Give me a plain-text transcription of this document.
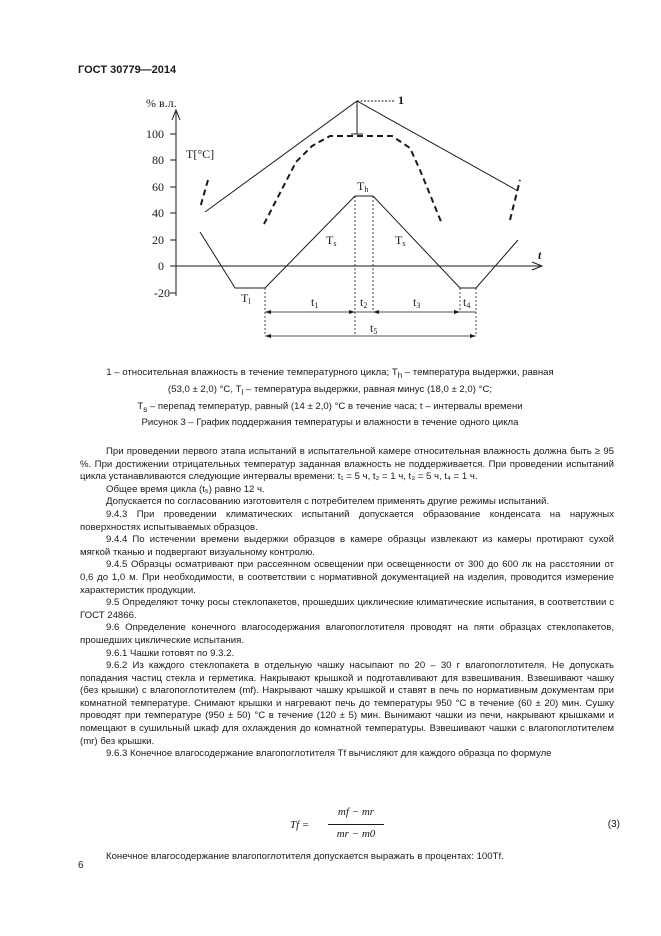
ГОСТ 30779—2014
100
80
60
40
20
0
-20
% в.л.
T[°C]
t
1
Th
Tl
Ts	Ts
t1	t2	t3	t4
t5
1 – относительная влажность в течение температурного цикла; $T_h$ – температура выдержки, равная
(53,0 ± 2,0) °С, $T_l$ – температура выдержки, равная минус (18,0 ± 2,0) °С;
$T_s$ – перепад температур, равный (14 ± 2,0) °С в течение часа; t – интервалы времени
Рисунок 3 – График поддержания температуры и влажности в течение одного цикла

При проведении первого этапа испытаний в испытательной камере относительная влажность должна быть ≥ 95 %. При достижении отрицательных температур заданная влажность не поддерживается. При проведении испытаний цикла устанавливаются следующие интервалы времени: t₁ = 5 ч, t₂ = 1 ч, t₃ = 5 ч, t₄ = 1 ч.

Общее время цикла (t₅) равно 12 ч.

Допускается по согласованию изготовителя с потребителем применять другие режимы испытаний.

9.4.3 При проведении климатических испытаний допускается образование конденсата на наружных поверхностях испытываемых образцов.

9.4.4 По истечении времени выдержки образцов в камере образцы извлекают из камеры протирают сухой мягкой тканью и подвергают визуальному контролю.

9.4.5 Образцы осматривают при рассеянном освещении при освещенности от 300 до 600 лк на расстоянии от 0,6 до 1,0 м. При необходимости, в соответствии с нормативной документацией на изделия, проводится измерение характеристик продукции.

9.5 Определяют точку росы стеклопакетов, прошедших циклические климатические испытания, в соответствии с ГОСТ 24866.

9.6 Определение конечного влагосодержания влагопоглотителя проводят на пяти образцах стеклопакетов, прошедших циклические испытания.

9.6.1 Чашки готовят по 9.3.2.

9.6.2 Из каждого стеклопакета в отдельную чашку насыпают по 20 – 30 г влагопоглотителя. Не допускать попадания частиц стекла и герметика. Накрывают крышкой и подготавливают для взвешивания. Взвешивают чашку (без крышки) с влагопоглотителем (mf). Накрывают чашку крышкой и ставят в печь по нормативным документам при комнатной температуре. Снимают крышки и нагревают печь до температуры 950 °С в течение (60 ± 20) мин. Сушку проводят при температуре (950 ± 50) °С в течение (120 ± 5) мин. Вынимают чашки из печи, накрывают крышками и помещают в сушильный шкаф для охлаждения до комнатной температуры. Взвешивают чашки с влагопоглотителем (mr) без крышки.

9.6.3 Конечное влагосодержание влагопоглотителя Tf вычисляют для каждого образца по формуле

Tf =
mf − mr
mr − m0
(3)
Конечное влагосодержание влагопоглотителя допускается выражать в процентах: 100Tf.
6
